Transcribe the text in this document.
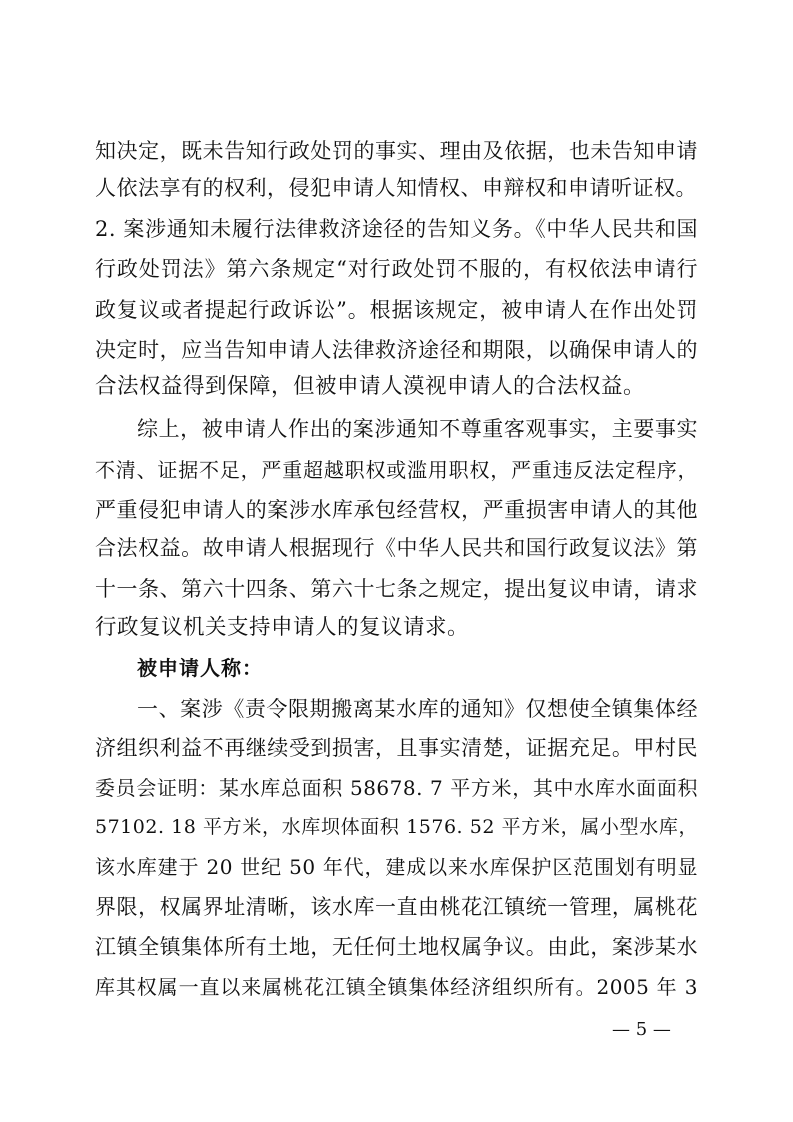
知决定，既未告知行政处罚的事实、理由及依据，也未告知申请
人依法享有的权利，侵犯申请人知情权、申辩权和申请听证权。
2. 案涉通知未履行法律救济途径的告知义务。《中华人民共和国
行政处罚法》第六条规定“对行政处罚不服的，有权依法申请行
政复议或者提起行政诉讼”。根据该规定，被申请人在作出处罚
决定时，应当告知申请人法律救济途径和期限，以确保申请人的
合法权益得到保障，但被申请人漠视申请人的合法权益。
综上，被申请人作出的案涉通知不尊重客观事实，主要事实
不清、证据不足，严重超越职权或滥用职权，严重违反法定程序，
严重侵犯申请人的案涉水库承包经营权，严重损害申请人的其他
合法权益。故申请人根据现行《中华人民共和国行政复议法》第
十一条、第六十四条、第六十七条之规定，提出复议申请，请求
行政复议机关支持申请人的复议请求。
被申请人称：
一、案涉《责令限期搬离某水库的通知》仅想使全镇集体经
济组织利益不再继续受到损害，且事实清楚，证据充足。甲村民
委员会证明：某水库总面积 58678. 7 平方米，其中水库水面面积
57102. 18 平方米，水库坝体面积 1576. 52 平方米，属小型水库，
该水库建于 20 世纪 50 年代，建成以来水库保护区范围划有明显
界限，权属界址清晰，该水库一直由桃花江镇统一管理，属桃花
江镇全镇集体所有土地，无任何土地权属争议。由此，案涉某水
库其权属一直以来属桃花江镇全镇集体经济组织所有。2005 年 3
— 5 —
